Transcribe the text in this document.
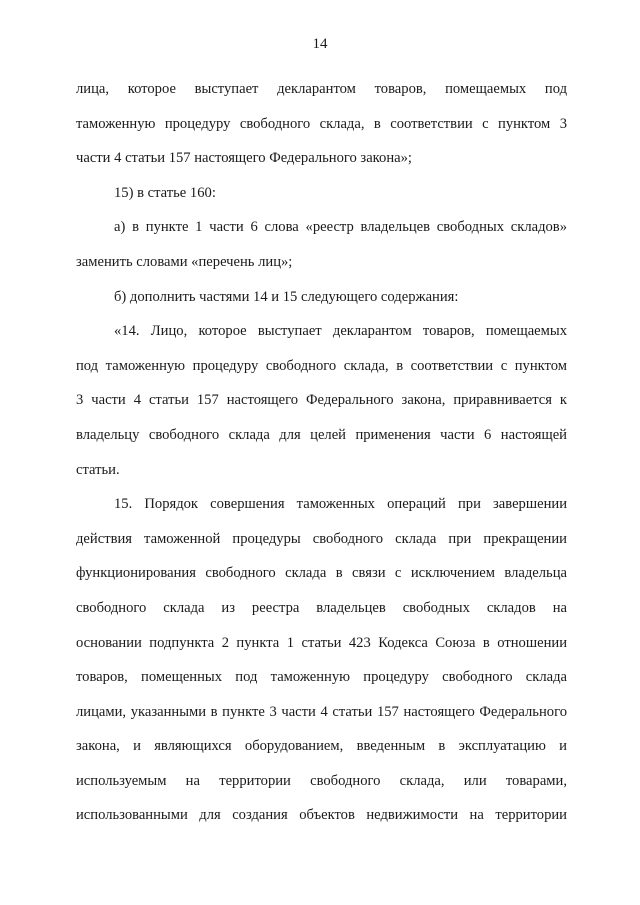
14
лица, которое выступает декларантом товаров, помещаемых под
таможенную процедуру свободного склада, в соответствии с пунктом 3
части 4 статьи 157 настоящего Федерального закона»;
15) в статье 160:
а) в пункте 1 части 6 слова «реестр владельцев свободных складов»
заменить словами «перечень лиц»;
б) дополнить частями 14 и 15 следующего содержания:
«14. Лицо, которое выступает декларантом товаров, помещаемых
под таможенную процедуру свободного склада, в соответствии с пунктом
3 части 4 статьи 157 настоящего Федерального закона, приравнивается к
владельцу свободного склада для целей применения части 6 настоящей
статьи.
15. Порядок совершения таможенных операций при завершении
действия таможенной процедуры свободного склада при прекращении
функционирования свободного склада в связи с исключением владельца
свободного склада из реестра владельцев свободных складов на
основании подпункта 2 пункта 1 статьи 423 Кодекса Союза в отношении
товаров, помещенных под таможенную процедуру свободного склада
лицами, указанными в пункте 3 части 4 статьи 157 настоящего Федерального
закона, и являющихся оборудованием, введенным в эксплуатацию и
используемым на территории свободного склада, или товарами,
использованными для создания объектов недвижимости на территории
